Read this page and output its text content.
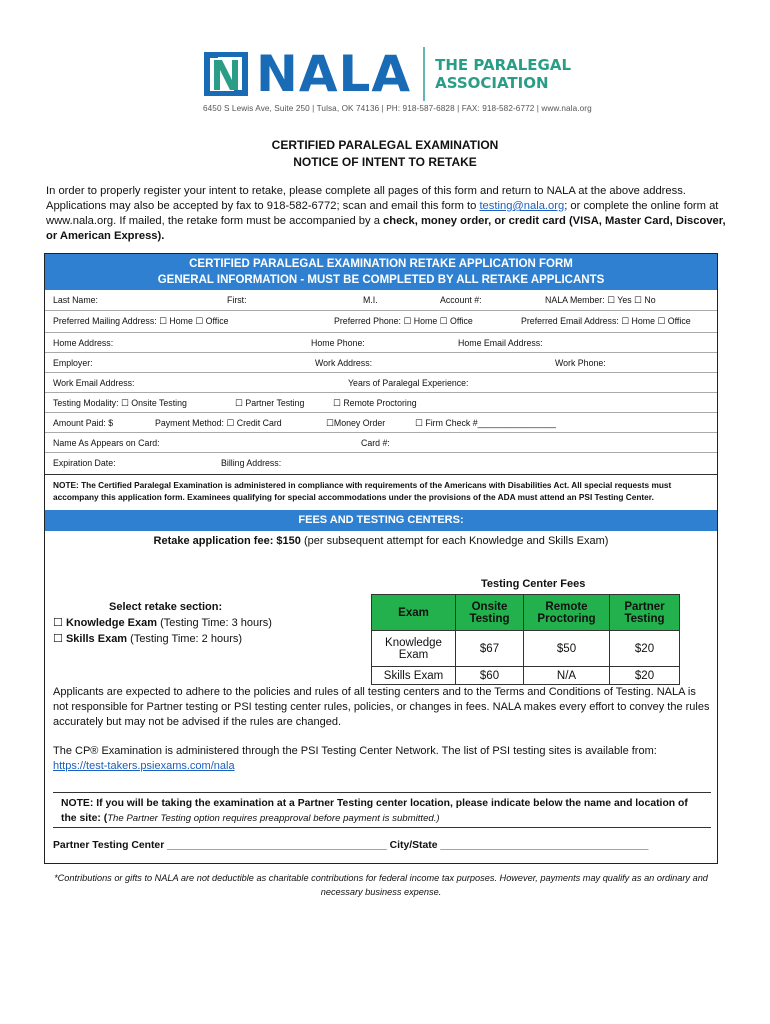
NALA THE PARALEGAL
ASSOCIATION
6450 S Lewis Ave, Suite 250 | Tulsa, OK 74136 | PH: 918-587-6828 | FAX: 918-582-6772 | www.nala.org
CERTIFIED PARALEGAL EXAMINATION
NOTICE OF INTENT TO RETAKE
In order to properly register your intent to retake, please complete all pages of this form and return to NALA at the above address. Applications may also be accepted by fax to 918-582-6772; scan and email this form to testing@nala.org; or complete the online form at www.nala.org. If mailed, the retake form must be accompanied by a check, money order, or credit card (VISA, Master Card, Discover, or American Express).
CERTIFIED PARALEGAL EXAMINATION RETAKE APPLICATION FORM
GENERAL INFORMATION - MUST BE COMPLETED BY ALL RETAKE APPLICANTS
Last Name:	First:	M.I.	Account #:	NALA Member: ☐ Yes ☐ No
Preferred Mailing Address: ☐ Home ☐ Office	Preferred Phone: ☐ Home ☐ Office	Preferred Email Address: ☐ Home ☐ Office
Home Address:	Home Phone:	Home Email Address:
Employer:	Work Address:	Work Phone:
Work Email Address:	Years of Paralegal Experience:
Testing Modality: ☐ Onsite Testing	☐ Partner Testing	☐ Remote Proctoring
Amount Paid: $	Payment Method: ☐ Credit Card	☐Money Order	☐ Firm Check #________________
Name As Appears on Card:	Card #:
Expiration Date:	Billing Address:
NOTE: The Certified Paralegal Examination is administered in compliance with requirements of the Americans with Disabilities Act. All special requests must accompany this application form. Examinees qualifying for special accommodations under the provisions of the ADA must attend an PSI Testing Center.
FEES AND TESTING CENTERS:
Retake application fee: $150 (per subsequent attempt for each Knowledge and Skills Exam)
Testing Center Fees
Select retake section:
☐ Knowledge Exam (Testing Time: 3 hours)
☐ Skills Exam (Testing Time: 2 hours)
Exam	Onsite Testing	Remote Proctoring	Partner Testing
Knowledge Exam	$67	$50	$20
Skills Exam	$60	N/A	$20
Applicants are expected to adhere to the policies and rules of all testing centers and to the Terms and Conditions of Testing. NALA is not responsible for Partner testing or PSI testing center rules, policies, or changes in fees. NALA makes every effort to convey the rules accurately but may not be advised if the rules are changed.
The CP® Examination is administered through the PSI Testing Center Network. The list of PSI testing sites is available from:
https://test-takers.psiexams.com/nala
NOTE: If you will be taking the examination at a Partner Testing center location, please indicate below the name and location of the site: (The Partner Testing option requires preapproval before payment is submitted.)
Partner Testing Center ______________________________________ City/State ____________________________________
*Contributions or gifts to NALA are not deductible as charitable contributions for federal income tax purposes. However, payments may qualify as an ordinary and necessary business expense.
